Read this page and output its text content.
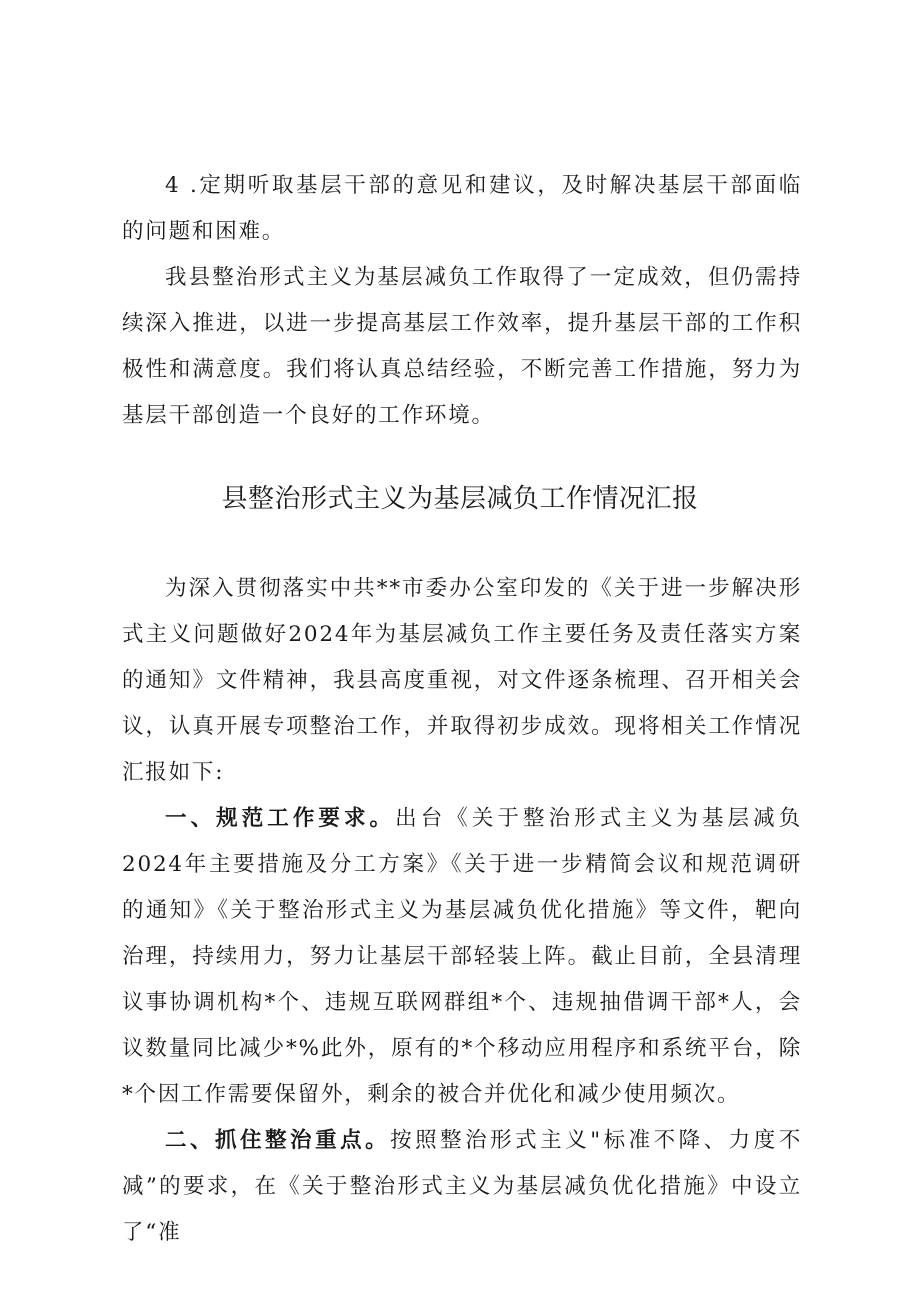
4 .定期听取基层干部的意见和建议，及时解决基层干部面临的问题和困难。

我县整治形式主义为基层减负工作取得了一定成效，但仍需持续深入推进，以进一步提高基层工作效率，提升基层干部的工作积极性和满意度。我们将认真总结经验，不断完善工作措施，努力为基层干部创造一个良好的工作环境。

县整治形式主义为基层减负工作情况汇报

为深入贯彻落实中共**市委办公室印发的《关于进一步解决形式主义问题做好2024年为基层减负工作主要任务及责任落实方案的通知》文件精神，我县高度重视，对文件逐条梳理、召开相关会议，认真开展专项整治工作，并取得初步成效。现将相关工作情况汇报如下:

一、规范工作要求。出台《关于整治形式主义为基层减负2024年主要措施及分工方案》《关于进一步精简会议和规范调研的通知》《关于整治形式主义为基层减负优化措施》等文件，靶向治理，持续用力，努力让基层干部轻装上阵。截止目前，全县清理议事协调机构*个、违规互联网群组*个、违规抽借调干部*人，会议数量同比减少*%此外，原有的*个移动应用程序和系统平台，除*个因工作需要保留外，剩余的被合并优化和减少使用频次。

二、抓住整治重点。按照整治形式主义"标准不降、力度不减”的要求，在《关于整治形式主义为基层减负优化措施》中设立了“准
